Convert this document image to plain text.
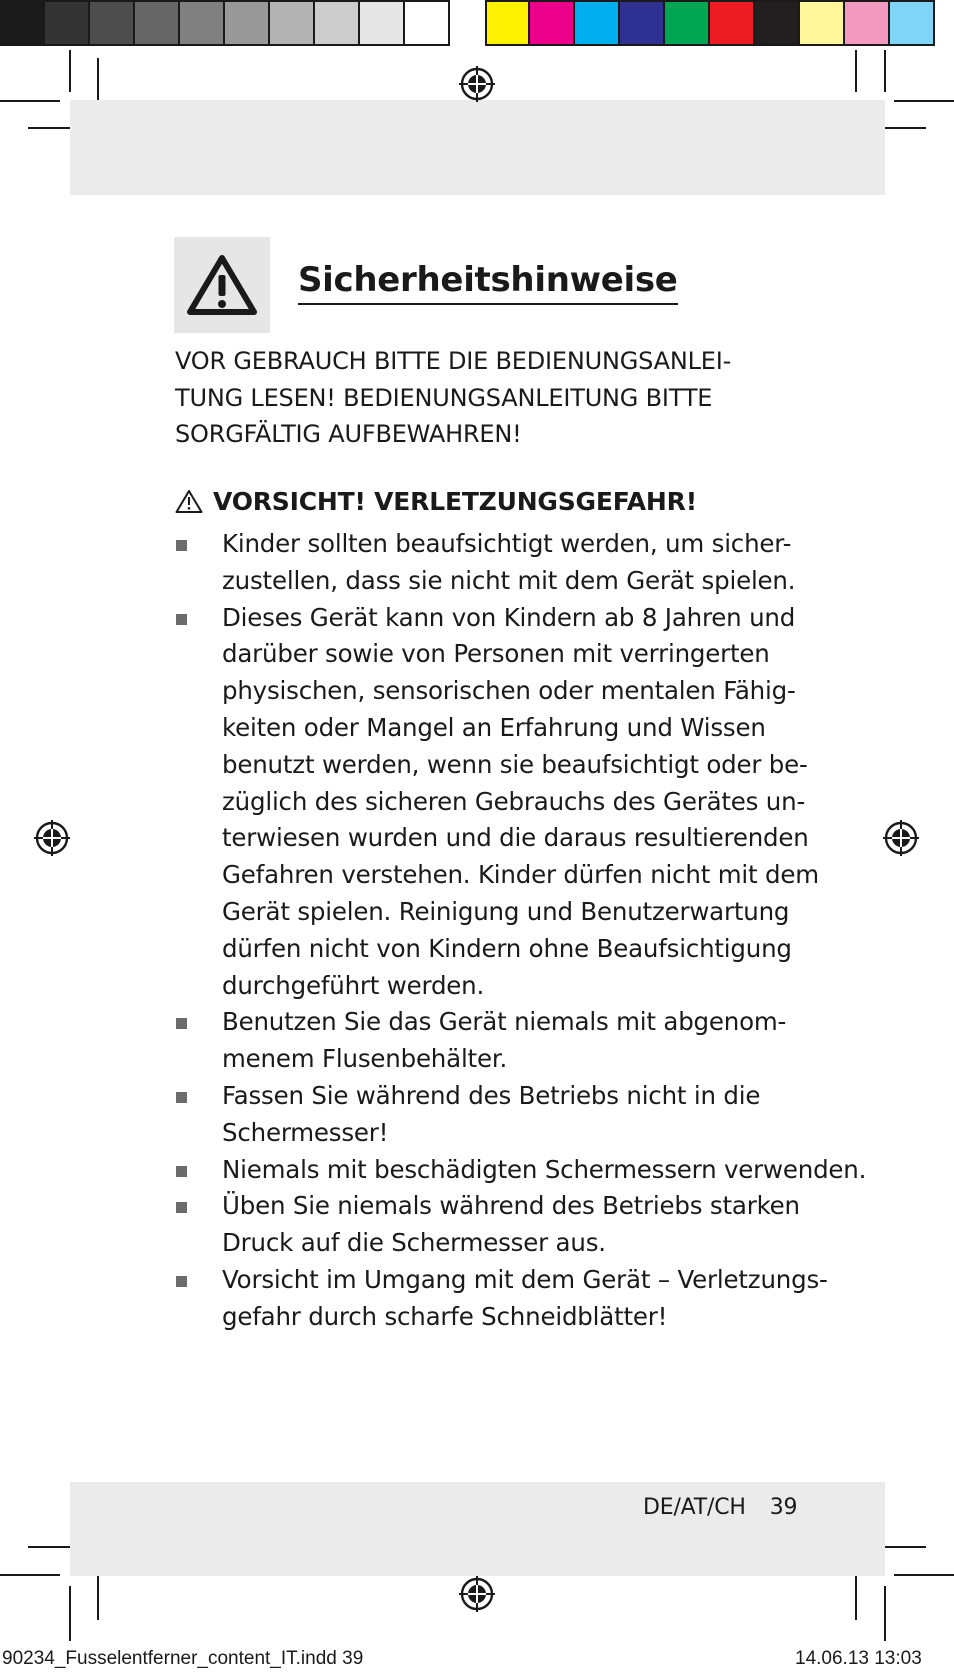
Sicherheitshinweise
VOR GEBRAUCH BITTE DIE BEDIENUNGSANLEI-
TUNG LESEN! BEDIENUNGSANLEITUNG BITTE
SORGFÄLTIG AUFBEWAHREN!
VORSICHT! VERLETZUNGSGEFAHR!
Kinder sollten beaufsichtigt werden, um sicher-
zustellen, dass sie nicht mit dem Gerät spielen.
Dieses Gerät kann von Kindern ab 8 Jahren und
darüber sowie von Personen mit verringerten
physischen, sensorischen oder mentalen Fähig-
keiten oder Mangel an Erfahrung und Wissen
benutzt werden, wenn sie beaufsichtigt oder be-
züglich des sicheren Gebrauchs des Gerätes un-
terwiesen wurden und die daraus resultierenden
Gefahren verstehen. Kinder dürfen nicht mit dem
Gerät spielen. Reinigung und Benutzerwartung
dürfen nicht von Kindern ohne Beaufsichtigung
durchgeführt werden.
Benutzen Sie das Gerät niemals mit abgenom-
menem Flusenbehälter.
Fassen Sie während des Betriebs nicht in die
Schermesser!
Niemals mit beschädigten Schermessern verwenden.
Üben Sie niemals während des Betriebs starken
Druck auf die Schermesser aus.
Vorsicht im Umgang mit dem Gerät – Verletzungs-
gefahr durch scharfe Schneidblätter!
DE/AT/CH 39
90234_Fusselentferner_content_IT.indd 39	14.06.13 13:03
